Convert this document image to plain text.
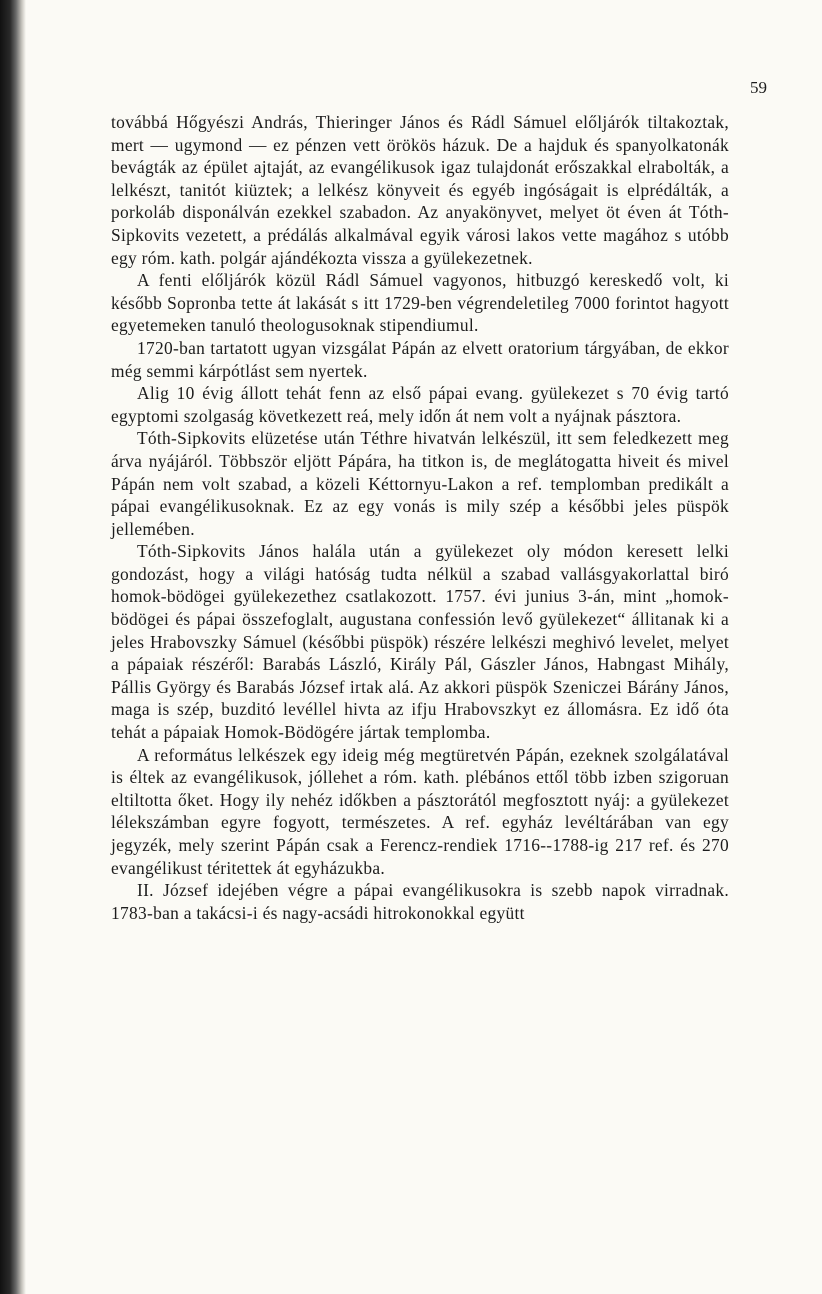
59

továbbá Hőgyészi András, Thieringer János és Rádl Sámuel előljárók tiltakoztak, mert — ugymond — ez pénzen vett örökös házuk. De a hajduk és spanyolkatonák bevágták az épület ajtaját, az evangélikusok igaz tulajdonát erőszakkal elrabolták, a lelkészt, tanitót kiüztek; a lelkész könyveit és egyéb ingóságait is elprédálták, a porkoláb disponálván ezekkel szabadon. Az anyakönyvet, melyet öt éven át Tóth-Sipkovits vezetett, a prédálás alkalmával egyik városi lakos vette magához s utóbb egy róm. kath. polgár ajándékozta vissza a gyülekezetnek.

A fenti előljárók közül Rádl Sámuel vagyonos, hitbuzgó kereskedő volt, ki később Sopronba tette át lakását s itt 1729-ben végrendeletileg 7000 forintot hagyott egyetemeken tanuló theologusoknak stipendiumul.

1720-ban tartatott ugyan vizsgálat Pápán az elvett oratorium tárgyában, de ekkor még semmi kárpótlást sem nyertek.

Alig 10 évig állott tehát fenn az első pápai evang. gyülekezet s 70 évig tartó egyptomi szolgaság következett reá, mely időn át nem volt a nyájnak pásztora.

Tóth-Sipkovits elüzetése után Téthre hivatván lelkészül, itt sem feledkezett meg árva nyájáról. Többször eljött Pápára, ha titkon is, de meglátogatta hiveit és mivel Pápán nem volt szabad, a közeli Kéttornyu-Lakon a ref. templomban predikált a pápai evangélikusoknak. Ez az egy vonás is mily szép a későbbi jeles püspök jellemében.

Tóth-Sipkovits János halála után a gyülekezet oly módon keresett lelki gondozást, hogy a világi hatóság tudta nélkül a szabad vallásgyakorlattal biró homok-bödögei gyülekezethez csatlakozott. 1757. évi junius 3-án, mint „homok-bödögei és pápai összefoglalt, augustana confessión levő gyülekezet“ állitanak ki a jeles Hrabovszky Sámuel (későbbi püspök) részére lelkészi meghivó levelet, melyet a pápaiak részéről: Barabás László, Király Pál, Gászler János, Habngast Mihály, Pállis György és Barabás József irtak alá. Az akkori püspök Szeniczei Bárány János, maga is szép, buzditó levéllel hivta az ifju Hrabovszkyt ez állomásra. Ez idő óta tehát a pápaiak Homok-Bödögére jártak templomba.

A református lelkészek egy ideig még megtüretvén Pápán, ezeknek szolgálatával is éltek az evangélikusok, jóllehet a róm. kath. plébános ettől több izben szigoruan eltiltotta őket. Hogy ily nehéz időkben a pásztorától megfosztott nyáj: a gyülekezet lélekszámban egyre fogyott, természetes. A ref. egyház levéltárában van egy jegyzék, mely szerint Pápán csak a Ferencz-rendiek 1716--1788-ig 217 ref. és 270 evangélikust téritettek át egyházukba.

II. József idejében végre a pápai evangélikusokra is szebb napok virradnak. 1783-ban a takácsi-i és nagy-acsádi hitrokonokkal együtt
